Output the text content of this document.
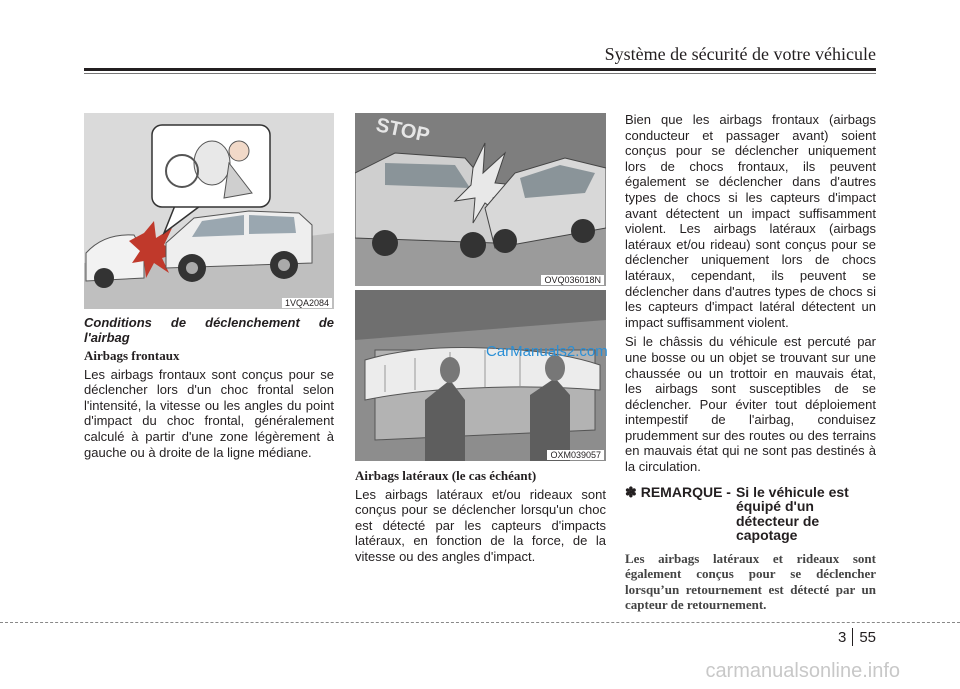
Système de sécurité de votre véhicule
1VQA2084
STOP
OVQ036018N
OXM039057
CarManuals2.com
Conditions de déclenchement de l'airbag
Airbags frontaux

Les airbags frontaux sont conçus pour se déclencher lors d'un choc frontal selon l'intensité, la vitesse ou les angles du point d'impact du choc frontal, généralement calculé à partir d'une zone légèrement à gauche ou à droite de la ligne médiane.

Airbags latéraux (le cas échéant)

Les airbags latéraux et/ou rideaux sont conçus pour se déclencher lorsqu'un choc est détecté par les capteurs d'impacts latéraux, en fonction de la force, de la vitesse ou des angles d'impact.

Bien que les airbags frontaux (airbags conducteur et passager avant) soient conçus pour se déclencher uniquement lors de chocs frontaux, ils peuvent également se déclencher dans d'autres types de chocs si les capteurs d'impact avant détectent un impact suffisamment violent. Les airbags latéraux (airbags latéraux et/ou rideau) sont conçus pour se déclencher uniquement lors de chocs latéraux, cependant, ils peuvent se déclencher dans d'autres types de chocs si les capteurs d'impact latéral détectent un impact suffisamment violent.

Si le châssis du véhicule est percuté par une bosse ou un objet se trouvant sur une chaussée ou un trottoir en mauvais état, les airbags sont susceptibles de se déclencher. Pour éviter tout déploiement intempestif de l'airbag, conduisez prudemment sur des routes ou des terrains en mauvais état qui ne sont pas destinés à la circulation.

✽ REMARQUE - Si le véhicule est équipé d'un détecteur de capotage
Les airbags latéraux et rideaux sont également conçus pour se déclencher lorsqu’un retournement est détecté par un capteur de retournement.
3 55
carmanualsonline.info
